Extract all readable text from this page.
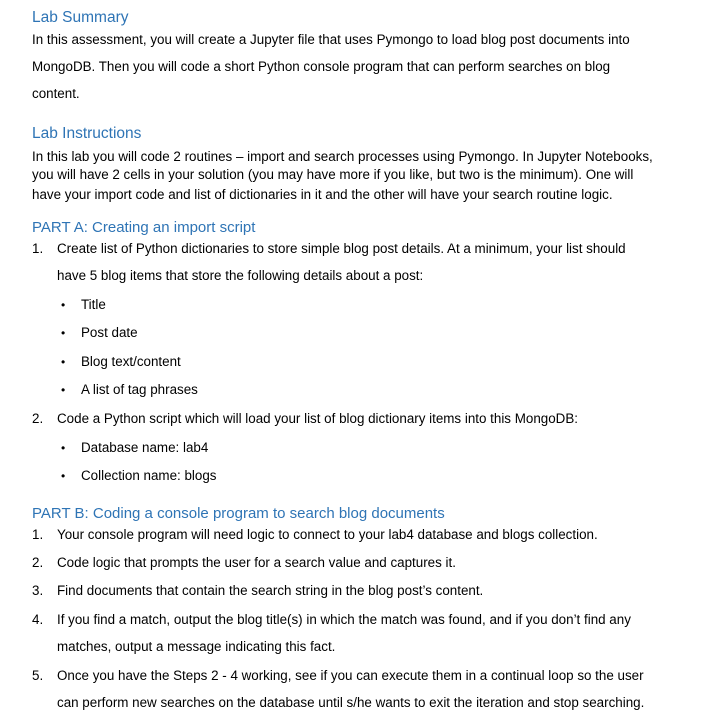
Lab Summary
In this assessment, you will create a Jupyter file that uses Pymongo to load blog post documents into
MongoDB. Then you will code a short Python console program that can perform searches on blog
content.
Lab Instructions
In this lab you will code 2 routines – import and search processes using Pymongo. In Jupyter Notebooks,
you will have 2 cells in your solution (you may have more if you like, but two is the minimum). One will
have your import code and list of dictionaries in it and the other will have your search routine logic.
PART A: Creating an import script
1. Create list of Python dictionaries to store simple blog post details. At a minimum, your list should
have 5 blog items that store the following details about a post:
• Title
• Post date
• Blog text/content
• A list of tag phrases
2. Code a Python script which will load your list of blog dictionary items into this MongoDB:
• Database name: lab4
• Collection name: blogs
PART B: Coding a console program to search blog documents
1. Your console program will need logic to connect to your lab4 database and blogs collection.
2. Code logic that prompts the user for a search value and captures it.
3. Find documents that contain the search string in the blog post’s content.
4. If you find a match, output the blog title(s) in which the match was found, and if you don’t find any
matches, output a message indicating this fact.
5. Once you have the Steps 2 - 4 working, see if you can execute them in a continual loop so the user
can perform new searches on the database until s/he wants to exit the iteration and stop searching.
